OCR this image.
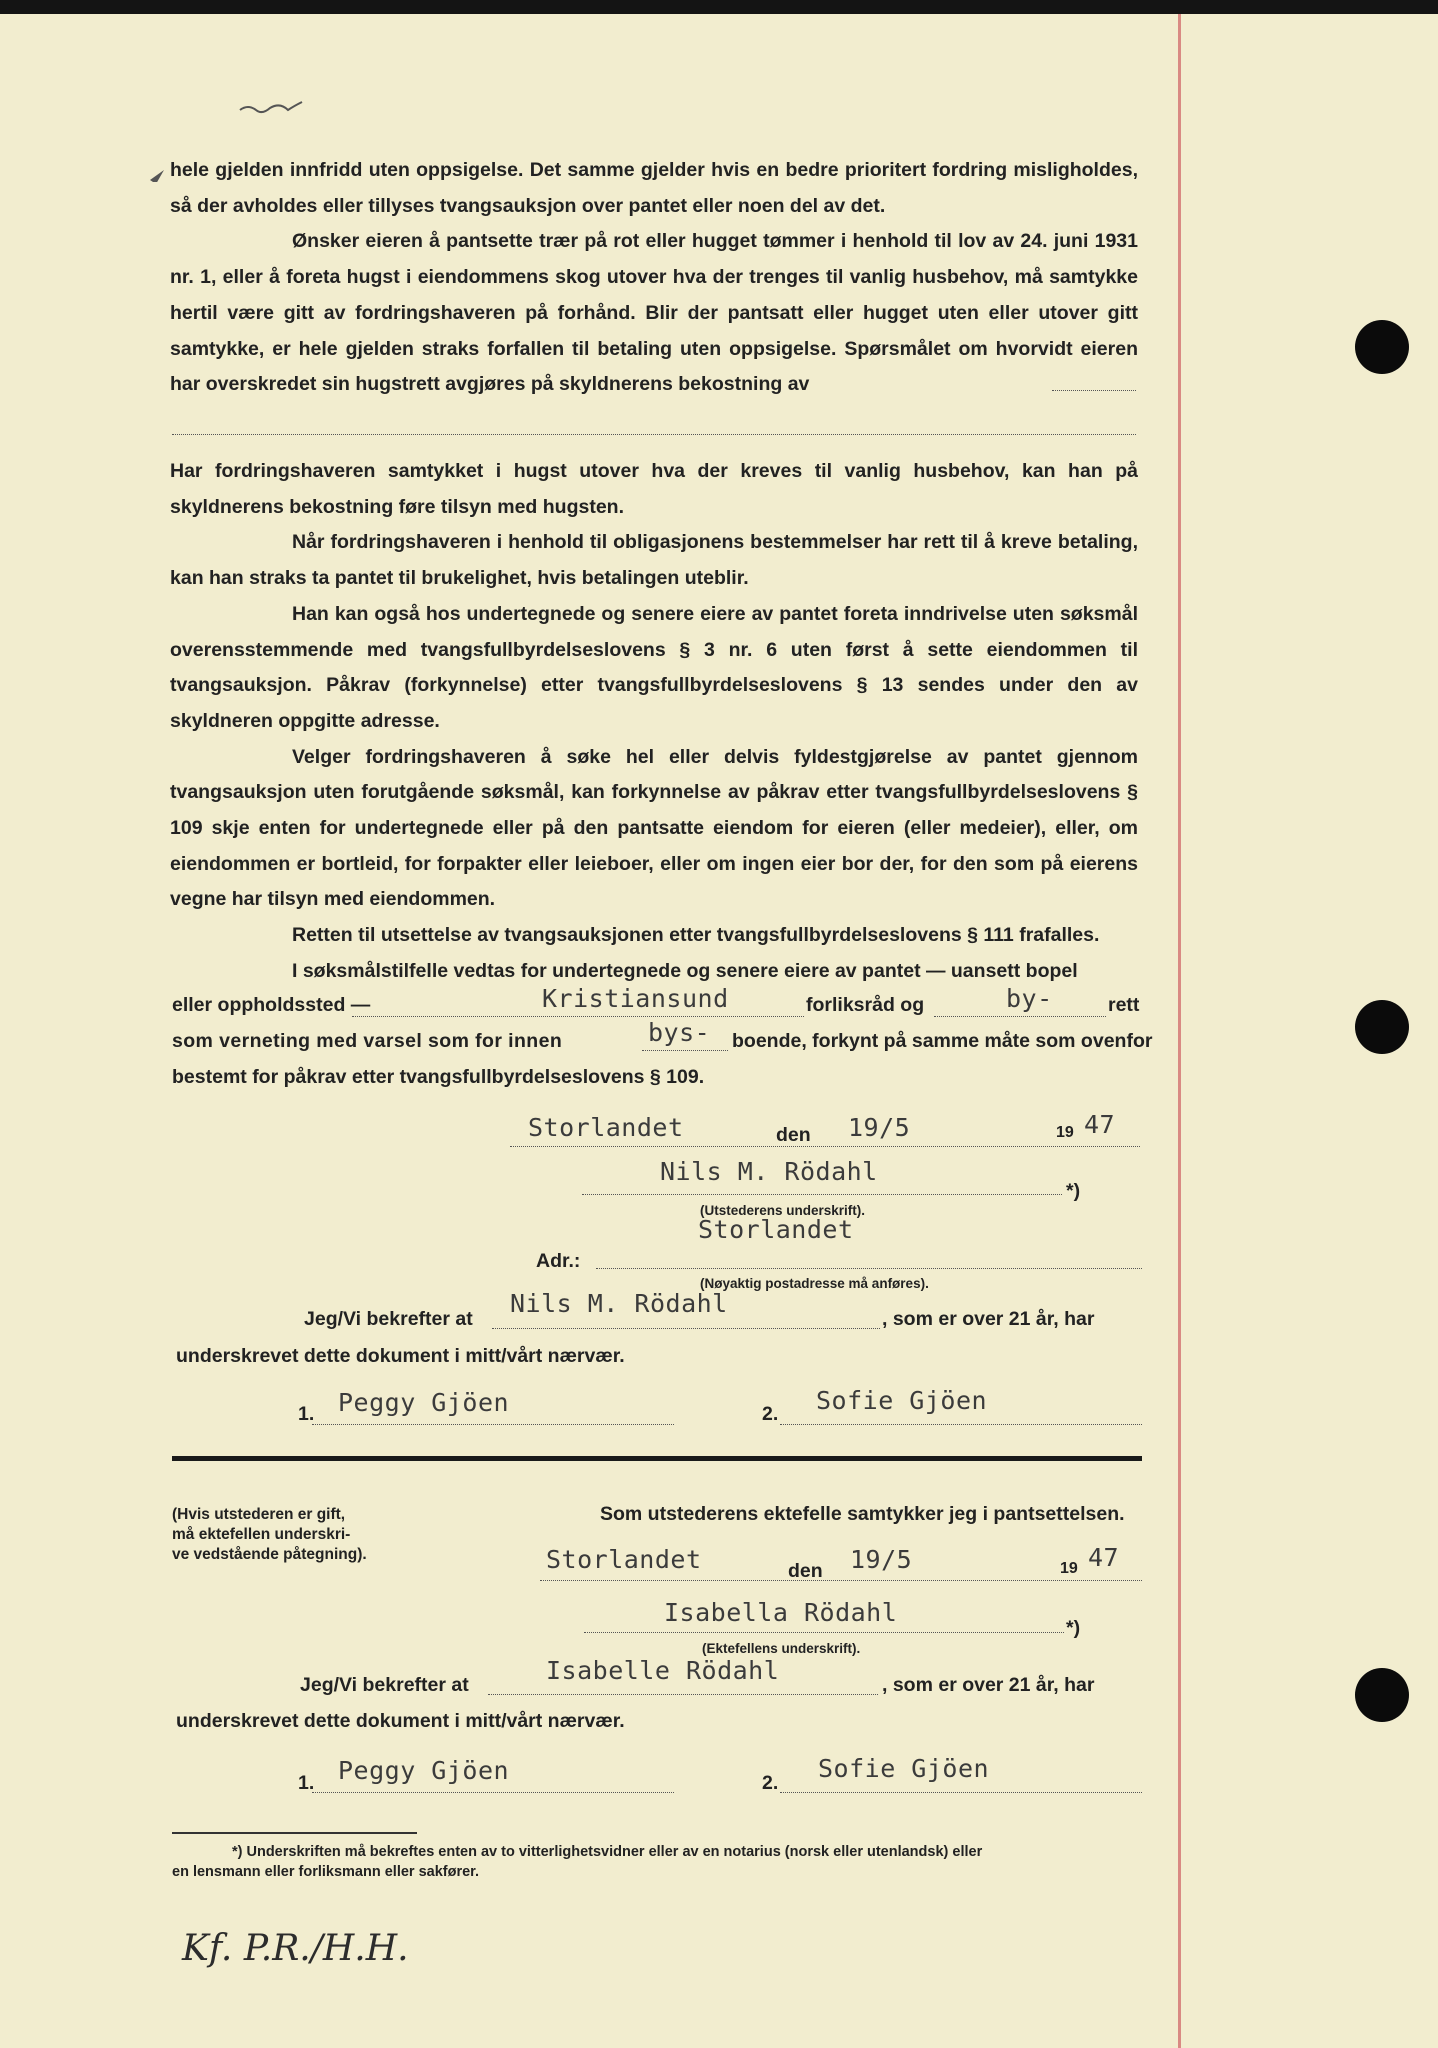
hele gjelden innfridd uten oppsigelse. Det samme gjelder hvis en bedre prioritert fordring misligholdes, så der avholdes eller tillyses tvangsauksjon over pantet eller noen del av det.

Ønsker eieren å pantsette trær på rot eller hugget tømmer i henhold til lov av 24. juni 1931 nr. 1, eller å foreta hugst i eiendommens skog utover hva der trenges til vanlig husbehov, må samtykke hertil være gitt av fordringshaveren på forhånd. Blir der pantsatt eller hugget uten eller utover gitt samtykke, er hele gjelden straks forfallen til betaling uten oppsigelse. Spørsmålet om hvorvidt eieren har overskredet sin hugstrett avgjøres på skyldnerens bekostning av

Har fordringshaveren samtykket i hugst utover hva der kreves til vanlig husbehov, kan han på skyldnerens bekostning føre tilsyn med hugsten.

Når fordringshaveren i henhold til obligasjonens bestemmelser har rett til å kreve betaling, kan han straks ta pantet til brukelighet, hvis betalingen uteblir.

Han kan også hos undertegnede og senere eiere av pantet foreta inndrivelse uten søksmål overensstemmende med tvangsfullbyrdelseslovens § 3 nr. 6 uten først å sette eiendommen til tvangsauksjon. Påkrav (forkynnelse) etter tvangsfullbyrdelseslovens § 13 sendes under den av skyldneren oppgitte adresse.

Velger fordringshaveren å søke hel eller delvis fyldestgjørelse av pantet gjennom tvangsauksjon uten forutgående søksmål, kan forkynnelse av påkrav etter tvangsfullbyrdelseslovens § 109 skje enten for undertegnede eller på den pantsatte eiendom for eieren (eller medeier), eller, om eiendommen er bortleid, for forpakter eller leieboer, eller om ingen eier bor der, for den som på eierens vegne har tilsyn med eiendommen.

Retten til utsettelse av tvangsauksjonen etter tvangsfullbyrdelseslovens § 111 frafalles.

I søksmålstilfelle vedtas for undertegnede og senere eiere av pantet — uansett bopel

eller oppholdssted —	Kristiansund	forliksråd og	by-	rett
som verneting med varsel som for innen	bys- boende, forkynt på samme måte som ovenfor
bestemt for påkrav etter tvangsfullbyrdelseslovens § 109.
Storlandet	den 19/5	19 47
Nils M. Rödahl
*)
(Utstederens underskrift).
Storlandet
Adr.:
(Nøyaktig postadresse må anføres).
Jeg/Vi bekrefter at
Nils M. Rödahl
, som er over 21 år, har
underskrevet dette dokument i mitt/vårt nærvær.
1. Peggy Gjöen	2. Sofie Gjöen
(Hvis utstederen er gift,
må ektefellen underskri-
ve vedstående påtegning).
Som utstederens ektefelle samtykker jeg i pantsettelsen.
Storlandet	den 19/5	19 47
Isabella Rödahl
*)
(Ektefellens underskrift).
Jeg/Vi bekrefter at	Isabelle Rödahl	, som er over 21 år, har
underskrevet dette dokument i mitt/vårt nærvær.
1. Peggy Gjöen	2. Sofie Gjöen
*) Underskriften må bekreftes enten av to vitterlighetsvidner eller av en notarius (norsk eller utenlandsk) eller
en lensmann eller forliksmann eller sakfører.
Kf. P.R./H.H.
